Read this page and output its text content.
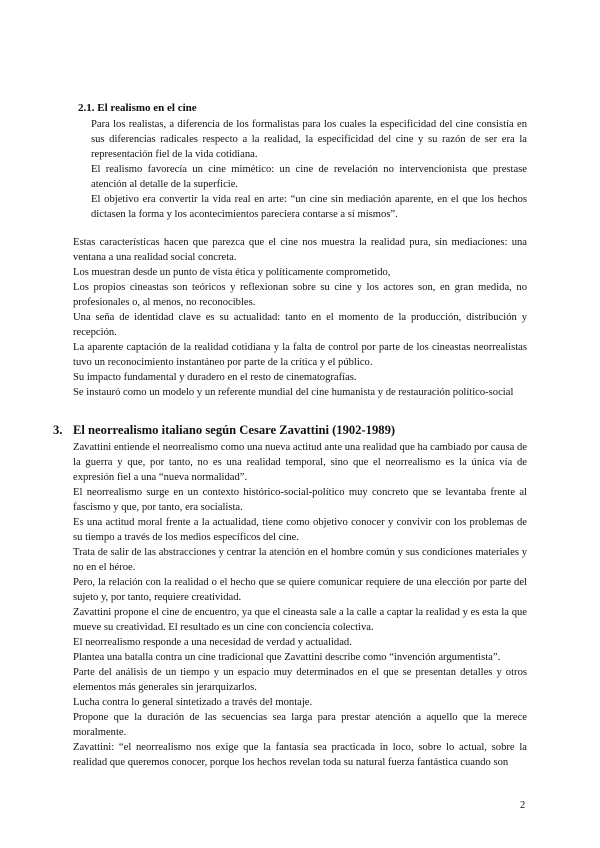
2.1. El realismo en el cine

Para los realistas, a diferencia de los formalistas para los cuales la especificidad del cine consistía en sus diferencias radicales respecto a la realidad, la especificidad del cine y su razón de ser era la representación fiel de la vida cotidiana.

El realismo favorecía un cine mimético: un cine de revelación no intervencionista que prestase atención al detalle de la superficie.

El objetivo era convertir la vida real en arte: “un cine sin mediación aparente, en el que los hechos dictasen la forma y los acontecimientos pareciera contarse a sí mismos”.

Estas características hacen que parezca que el cine nos muestra la realidad pura, sin mediaciones: una ventana a una realidad social concreta.

Los muestran desde un punto de vista ética y políticamente comprometido,

Los propios cineastas son teóricos y reflexionan sobre su cine y los actores son, en gran medida, no profesionales o, al menos, no reconocibles.

Una seña de identidad clave es su actualidad: tanto en el momento de la producción, distribución y recepción.

La aparente captación de la realidad cotidiana y la falta de control por parte de los cineastas neorrealistas tuvo un reconocimiento instantáneo por parte de la crítica y el público.

Su impacto fundamental y duradero en el resto de cinematografías.

Se instauró como un modelo y un referente mundial del cine humanista y de restauración político-social

3. El neorrealismo italiano según Cesare Zavattini (1902-1989)

Zavattini entiende el neorrealismo como una nueva actitud ante una realidad que ha cambiado por causa de la guerra y que, por tanto, no es una realidad temporal, sino que el neorrealismo es la única vía de expresión fiel a una “nueva normalidad”.

El neorrealismo surge en un contexto histórico-social-político muy concreto que se levantaba frente al fascismo y que, por tanto, era socialista.

Es una actitud moral frente a la actualidad, tiene como objetivo conocer y convivir con los problemas de su tiempo a través de los medios específicos del cine.

Trata de salir de las abstracciones y centrar la atención en el hombre común y sus condiciones materiales y no en el héroe.

Pero, la relación con la realidad o el hecho que se quiere comunicar requiere de una elección por parte del sujeto y, por tanto, requiere creatividad.

Zavattini propone el cine de encuentro, ya que el cineasta sale a la calle a captar la realidad y es esta la que mueve su creatividad. El resultado es un cine con conciencia colectiva.

El neorrealismo responde a una necesidad de verdad y actualidad.

Plantea una batalla contra un cine tradicional que Zavattini describe como “invención argumentista”.

Parte del análisis de un tiempo y un espacio muy determinados en el que se presentan detalles y otros elementos más generales sin jerarquizarlos.

Lucha contra lo general sintetizado a través del montaje.

Propone que la duración de las secuencias sea larga para prestar atención a aquello que la merece moralmente.

Zavattini: “el neorrealismo nos exige que la fantasía sea practicada in loco, sobre lo actual, sobre la realidad que queremos conocer, porque los hechos revelan toda su natural fuerza fantástica cuando son

2
